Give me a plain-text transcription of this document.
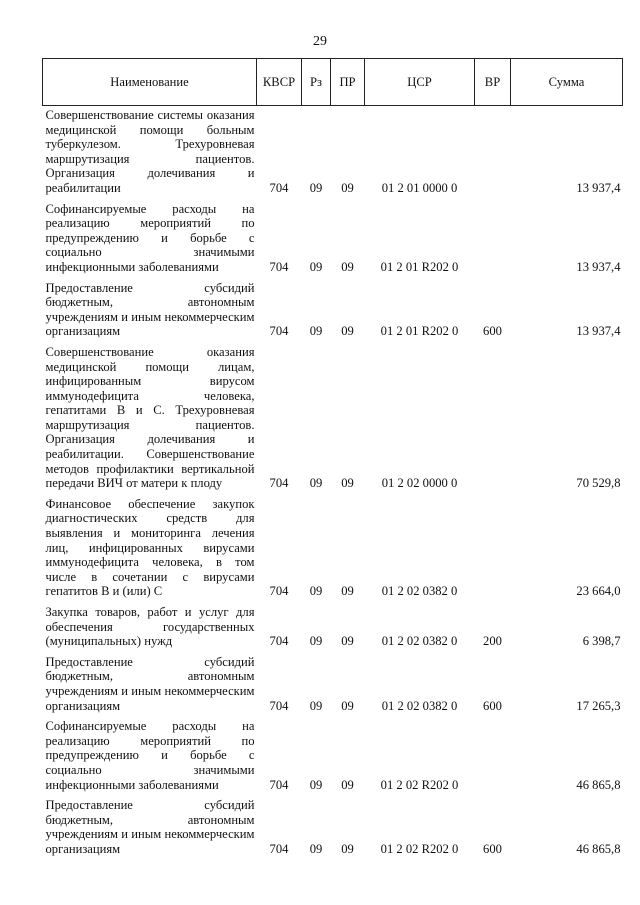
29
Наименование	КВСР	Рз	ПР	ЦСР	ВР	Сумма
Совершенствование системы оказания медицинской помощи больным туберкулезом. Трехуровневая маршрутизация пациентов. Организация долечивания и реабилитации	704	09	09	01 2 01 0000 0		13 937,4
Софинансируемые расходы на реализацию мероприятий по предупреждению и борьбе с социально значимыми инфекционными заболеваниями	704	09	09	01 2 01 R202 0		13 937,4
Предоставление субсидий бюджетным, автономным учреждениям и иным некоммерческим организациям	704	09	09	01 2 01 R202 0	600	13 937,4
Совершенствование оказания медицинской помощи лицам, инфицированным вирусом иммунодефицита человека, гепатитами В и С. Трехуровневая маршрутизация пациентов. Организация долечивания и реабилитации. Совершенствование методов профилактики вертикальной передачи ВИЧ от матери к плоду	704	09	09	01 2 02 0000 0		70 529,8
Финансовое обеспечение закупок диагностических средств для выявления и мониторинга лечения лиц, инфицированных вирусами иммунодефицита человека, в том числе в сочетании с вирусами гепатитов В и (или) С	704	09	09	01 2 02 0382 0		23 664,0
Закупка товаров, работ и услуг для обеспечения государственных (муниципальных) нужд	704	09	09	01 2 02 0382 0	200	6 398,7
Предоставление субсидий бюджетным, автономным учреждениям и иным некоммерческим организациям	704	09	09	01 2 02 0382 0	600	17 265,3
Софинансируемые расходы на реализацию мероприятий по предупреждению и борьбе с социально значимыми инфекционными заболеваниями	704	09	09	01 2 02 R202 0		46 865,8
Предоставление субсидий бюджетным, автономным учреждениям и иным некоммерческим организациям	704	09	09	01 2 02 R202 0	600	46 865,8
